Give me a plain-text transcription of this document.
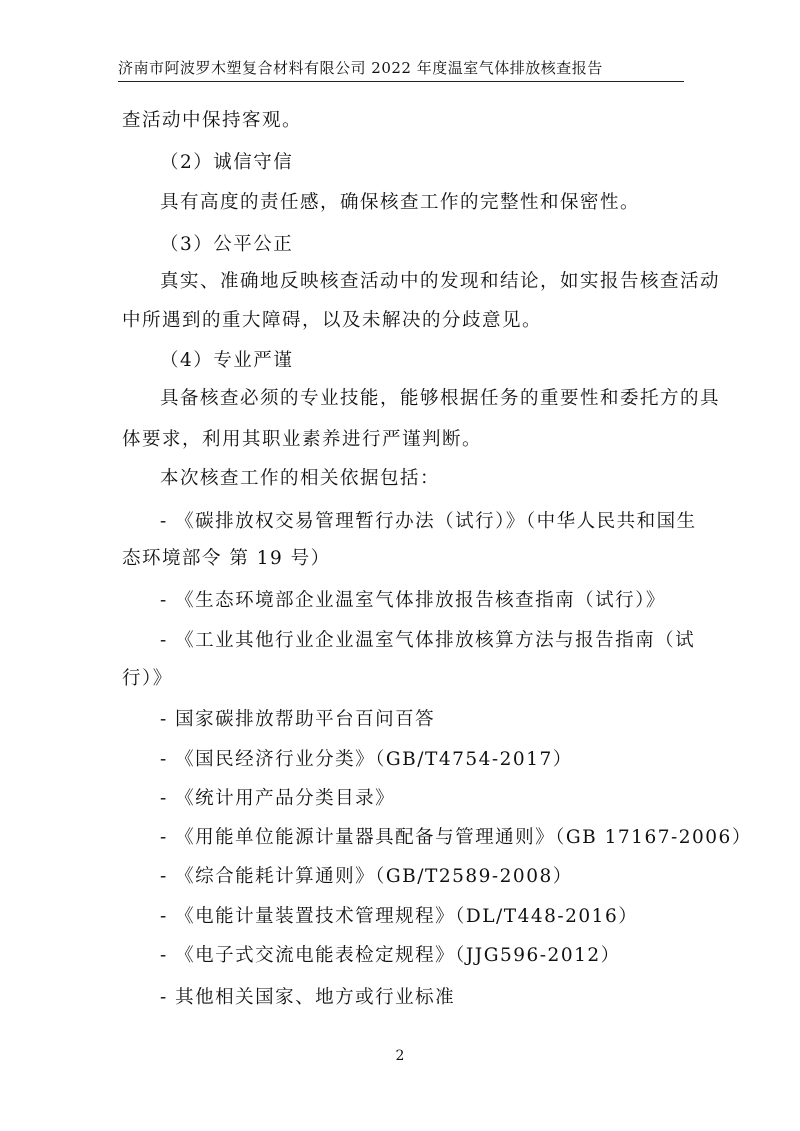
济南市阿波罗木塑复合材料有限公司 2022 年度温室气体排放核查报告
查活动中保持客观。
（2）诚信守信
具有高度的责任感，确保核查工作的完整性和保密性。
（3）公平公正
真实、准确地反映核查活动中的发现和结论，如实报告核查活动
中所遇到的重大障碍，以及未解决的分歧意见。
（4）专业严谨
具备核查必须的专业技能，能够根据任务的重要性和委托方的具
体要求，利用其职业素养进行严谨判断。
本次核查工作的相关依据包括：
- 《碳排放权交易管理暂行办法（试行）》（中华人民共和国生
态环境部令 第 19 号）
- 《生态环境部企业温室气体排放报告核查指南（试行）》
- 《工业其他行业企业温室气体排放核算方法与报告指南（试
行）》
- 国家碳排放帮助平台百问百答
- 《国民经济行业分类》（GB/T4754-2017）
- 《统计用产品分类目录》
- 《用能单位能源计量器具配备与管理通则》（GB 17167-2006）
- 《综合能耗计算通则》（GB/T2589-2008）
- 《电能计量装置技术管理规程》（DL/T448-2016）
- 《电子式交流电能表检定规程》（JJG596-2012）
- 其他相关国家、地方或行业标准
2
